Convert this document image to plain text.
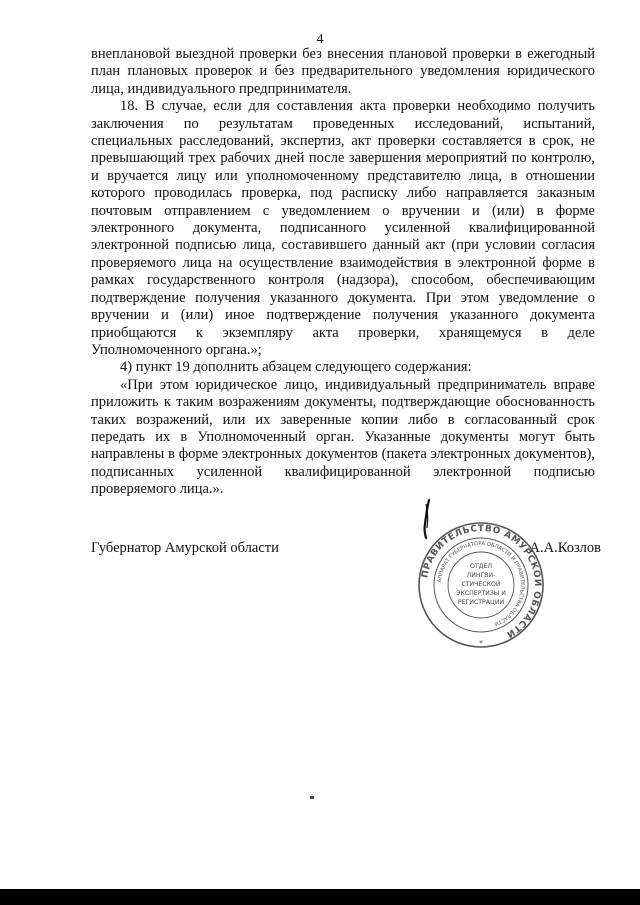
4

внеплановой выездной проверки без внесения плановой проверки в ежегодный план плановых проверок и без предварительного уведомления юридического лица, индивидуального предпринимателя.

18. В случае, если для составления акта проверки необходимо получить заключения по результатам проведенных исследований, испытаний, специальных расследований, экспертиз, акт проверки составляется в срок, не превышающий трех рабочих дней после завершения мероприятий по контролю, и вручается лицу или уполномоченному представителю лица, в отношении которого проводилась проверка, под расписку либо направляется заказным почтовым отправлением с уведомлением о вручении и (или) в форме электронного документа, подписанного усиленной квалифицированной электронной подписью лица, составившего данный акт (при условии согласия проверяемого лица на осуществление взаимодействия в электронной форме в рамках государственного контроля (надзора), способом, обеспечивающим подтверждение получения указанного документа. При этом уведомление о вручении и (или) иное подтверждение получения указанного документа приобщаются к экземпляру акта проверки, хранящемуся в деле Уполномоченного органа.»;

4) пункт 19 дополнить абзацем следующего содержания:

«При этом юридическое лицо, индивидуальный предприниматель вправе приложить к таким возражениям документы, подтверждающие обоснованность таких возражений, или их заверенные копии либо в согласованный срок передать их в Уполномоченный орган. Указанные документы могут быть направлены в форме электронных документов (пакета электронных документов), подписанных усиленной квалифицированной электронной подписью проверяемого лица.».

Губернатор Амурской области	А.А.Козлов
ПРАВИТЕЛЬСТВО АМУРСКОЙ ОБЛАСТИ
АППАРАТ ГУБЕРНАТОРА ОБЛАСТИ И ПРАВИТЕЛЬСТВА ОБЛАСТИ
ОТДЕЛ
ЛИНГВИ-
СТИЧЕСКОЙ
ЭКСПЕРТИЗЫ И
РЕГИСТРАЦИИ
*
